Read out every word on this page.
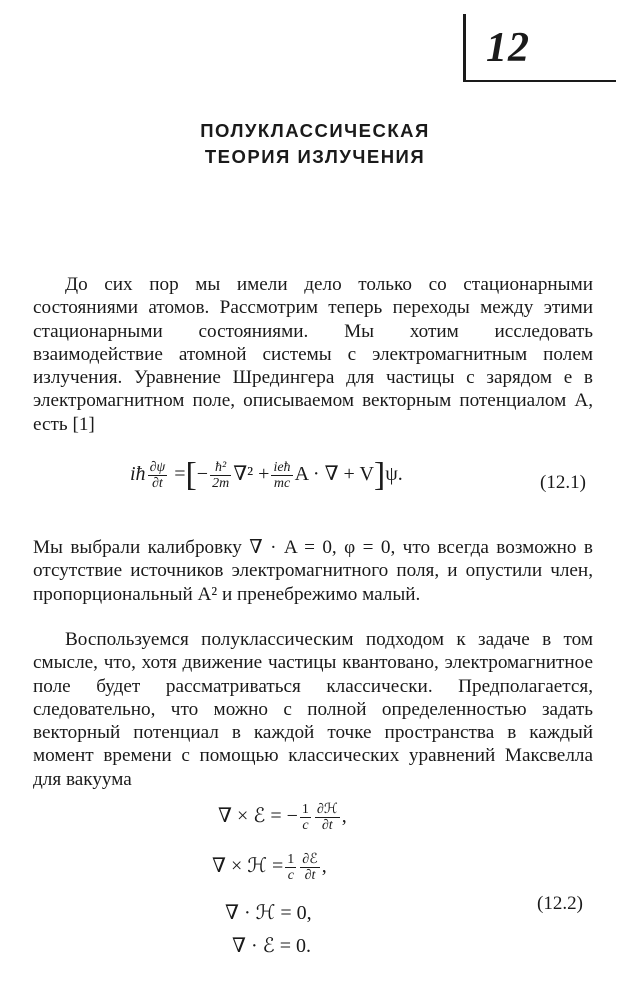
12
ПОЛУКЛАССИЧЕСКАЯ
ТЕОРИЯ ИЗЛУЧЕНИЯ

До сих пор мы имели дело только со стационарными состояниями атомов. Рассмотрим теперь переходы между этими стационарными состояниями. Мы хотим исследовать взаимодействие атомной системы с электромагнитным полем излучения. Уравнение Шредингера для частицы с зарядом e в электромагнитном поле, описываемом векторным потенциалом A, есть [1]

iħ $\frac{\partial\psi}{\partial t}$ =[− $\frac{\text{ħ²}}{2m} \nabla^2 + \frac{\text{ieħ}}{mc}$ A · ∇ + V]ψ.	(12.1)

Мы выбрали калибровку ∇ · A = 0, φ = 0, что всегда возможно в отсутствие источников электромагнитного поля, и опустили член, пропорциональный A² и пренебрежимо малый.

Воспользуемся полуклассическим подходом к задаче в том смысле, что, хотя движение частицы квантовано, электромагнитное поле будет рассматриваться классически. Предполагается, следовательно, что можно с полной определенностью задать векторный потенциал в каждой точке пространства в каждый момент времени с помощью классических уравнений Максвелла для вакуума

∇ × ℰ = − $\frac{1}{c} \frac{\text{∂ℋ}}{\partial t}$ ,
∇ × ℋ = $\frac{1}{c} \frac{\text{∂ℰ}}{\partial t}$ ,
∇ · ℋ = 0,
∇ · ℰ = 0.
(12.2)
